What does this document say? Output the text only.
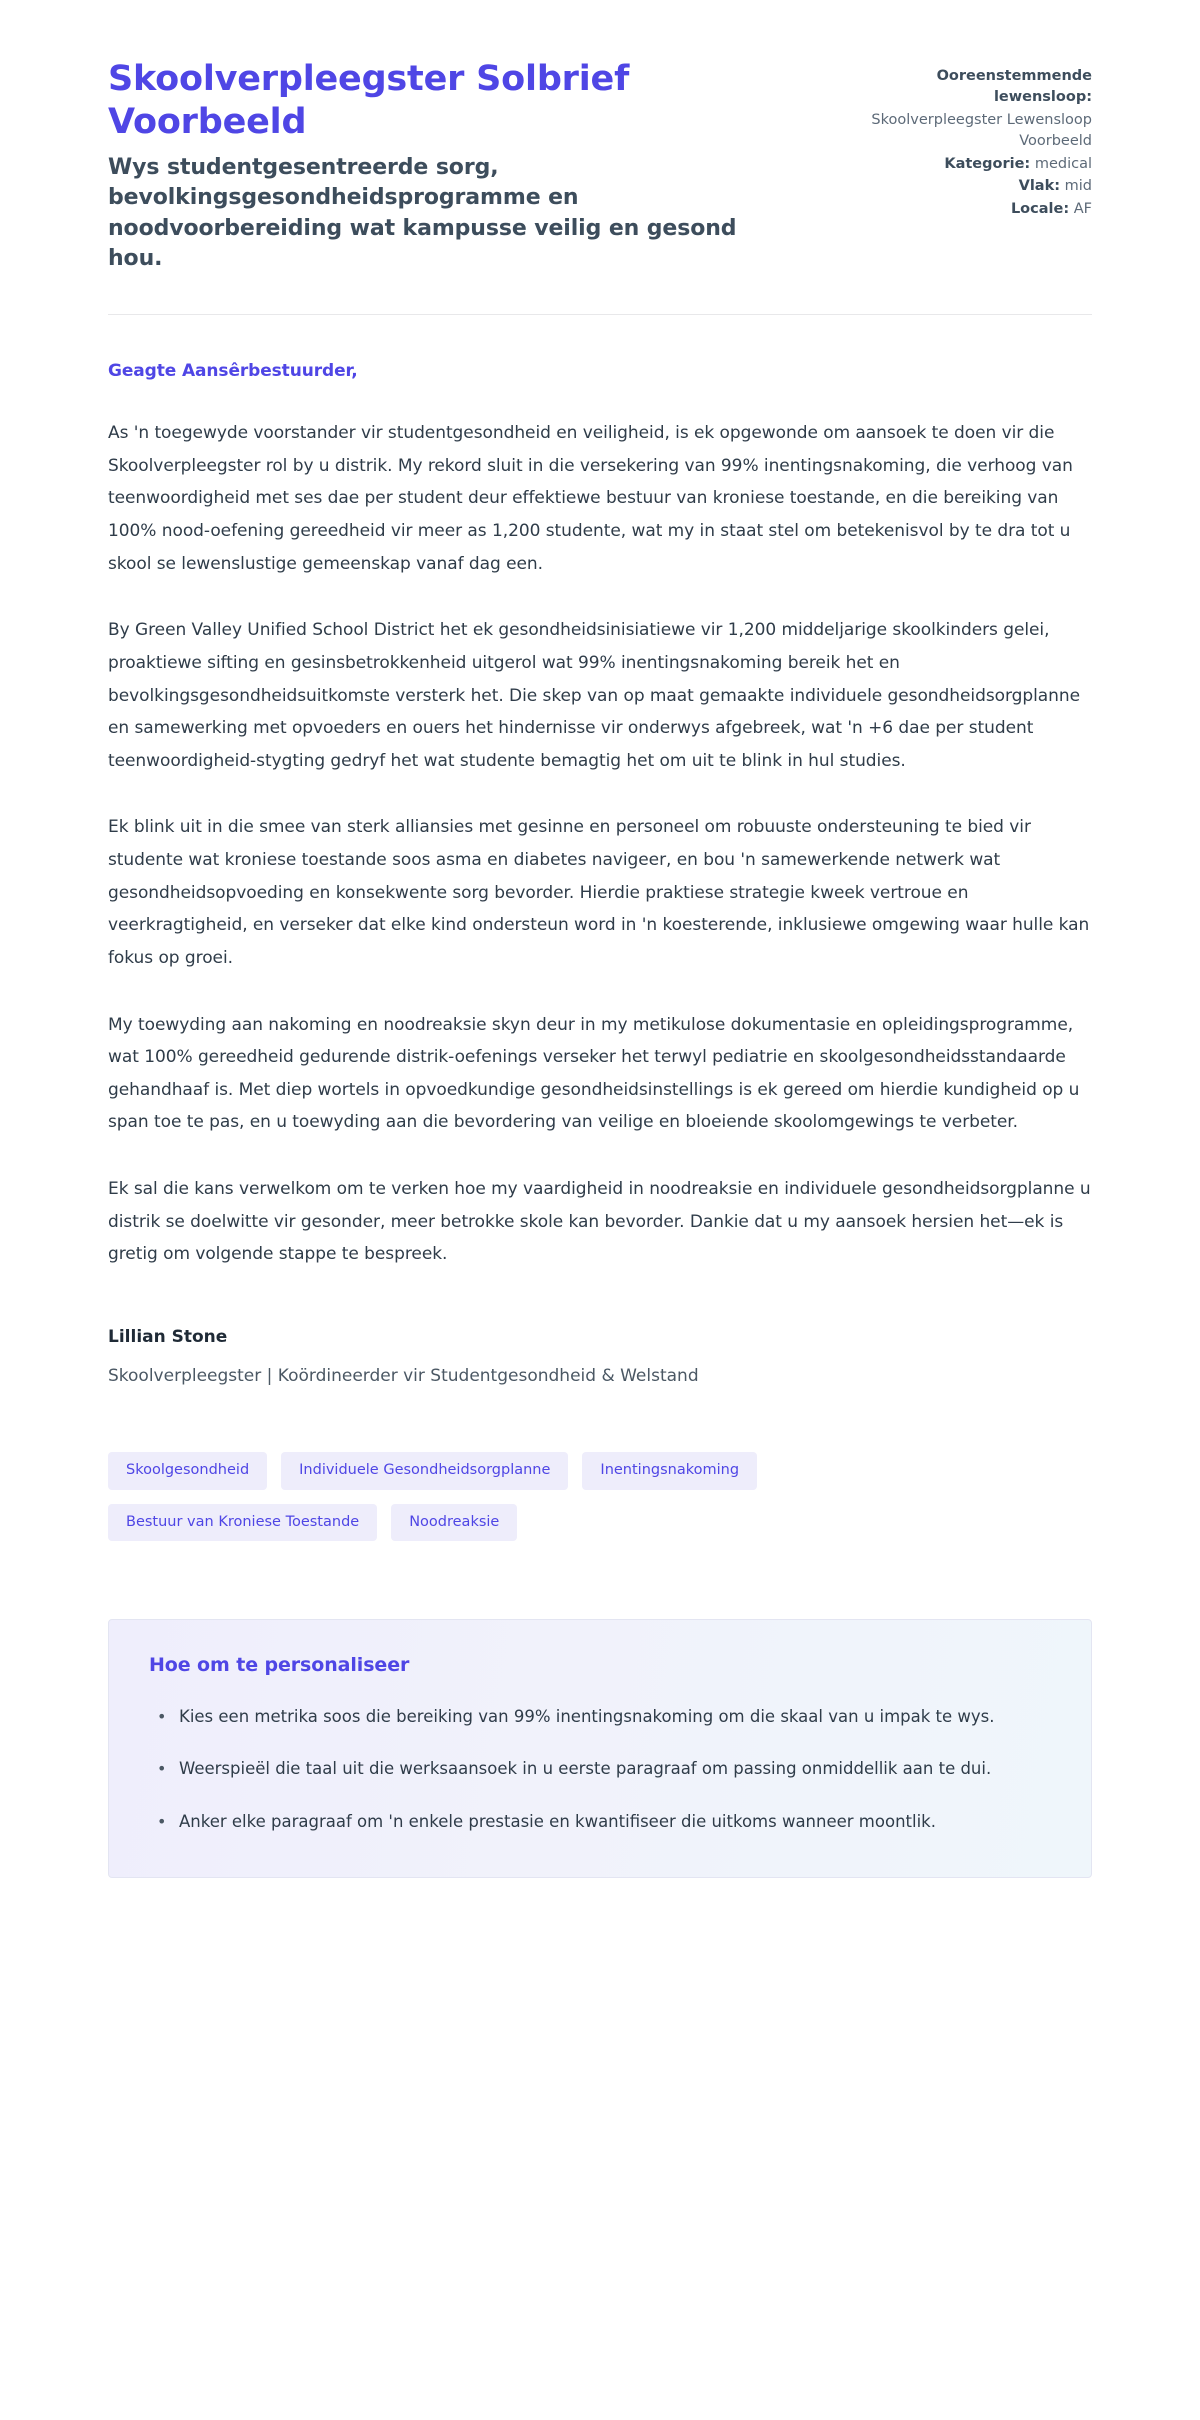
Skoolverpleegster Solbrief Voorbeeld
Wys studentgesentreerde sorg, bevolkingsgesondheidsprogramme en noodvoorbereiding wat kampusse veilig en gesond hou.
Ooreenstemmende lewensloop:
Skoolverpleegster Lewensloop Voorbeeld
Kategorie: medical
Vlak: mid
Locale: AF
Geagte Aansêrbestuurder,

As 'n toegewyde voorstander vir studentgesondheid en veiligheid, is ek opgewonde om aansoek te doen vir die Skoolverpleegster rol by u distrik. My rekord sluit in die versekering van 99% inentingsnakoming, die verhoog van teenwoordigheid met ses dae per student deur effektiewe bestuur van kroniese toestande, en die bereiking van 100% nood-oefening gereedheid vir meer as 1,200 studente, wat my in staat stel om betekenisvol by te dra tot u skool se lewenslustige gemeenskap vanaf dag een.

By Green Valley Unified School District het ek gesondheidsinisiatiewe vir 1,200 middeljarige skoolkinders gelei, proaktiewe sifting en gesinsbetrokkenheid uitgerol wat 99% inentingsnakoming bereik het en bevolkingsgesondheidsuitkomste versterk het. Die skep van op maat gemaakte individuele gesondheidsorgplanne en samewerking met opvoeders en ouers het hindernisse vir onderwys afgebreek, wat 'n +6 dae per student teenwoordigheid-stygting gedryf het wat studente bemagtig het om uit te blink in hul studies.

Ek blink uit in die smee van sterk alliansies met gesinne en personeel om robuuste ondersteuning te bied vir studente wat kroniese toestande soos asma en diabetes navigeer, en bou 'n samewerkende netwerk wat gesondheidsopvoeding en konsekwente sorg bevorder. Hierdie praktiese strategie kweek vertroue en veerkragtigheid, en verseker dat elke kind ondersteun word in 'n koesterende, inklusiewe omgewing waar hulle kan fokus op groei.

My toewyding aan nakoming en noodreaksie skyn deur in my metikulose dokumentasie en opleidingsprogramme, wat 100% gereedheid gedurende distrik-oefenings verseker het terwyl pediatrie en skoolgesondheidsstandaarde gehandhaaf is. Met diep wortels in opvoedkundige gesondheidsinstellings is ek gereed om hierdie kundigheid op u span toe te pas, en u toewyding aan die bevordering van veilige en bloeiende skoolomgewings te verbeter.

Ek sal die kans verwelkom om te verken hoe my vaardigheid in noodreaksie en individuele gesondheidsorgplanne u distrik se doelwitte vir gesonder, meer betrokke skole kan bevorder. Dankie dat u my aansoek hersien het—ek is gretig om volgende stappe te bespreek.

Lillian Stone
Skoolverpleegster | Koördineerder vir Studentgesondheid & Welstand
Skoolgesondheid	Individuele Gesondheidsorgplanne	Inentingsnakoming
Bestuur van Kroniese Toestande	Noodreaksie
Hoe om te personaliseer
• Kies een metrika soos die bereiking van 99% inentingsnakoming om die skaal van u impak te wys.
• Weerspieël die taal uit die werksaansoek in u eerste paragraaf om passing onmiddellik aan te dui.
• Anker elke paragraaf om 'n enkele prestasie en kwantifiseer die uitkoms wanneer moontlik.
